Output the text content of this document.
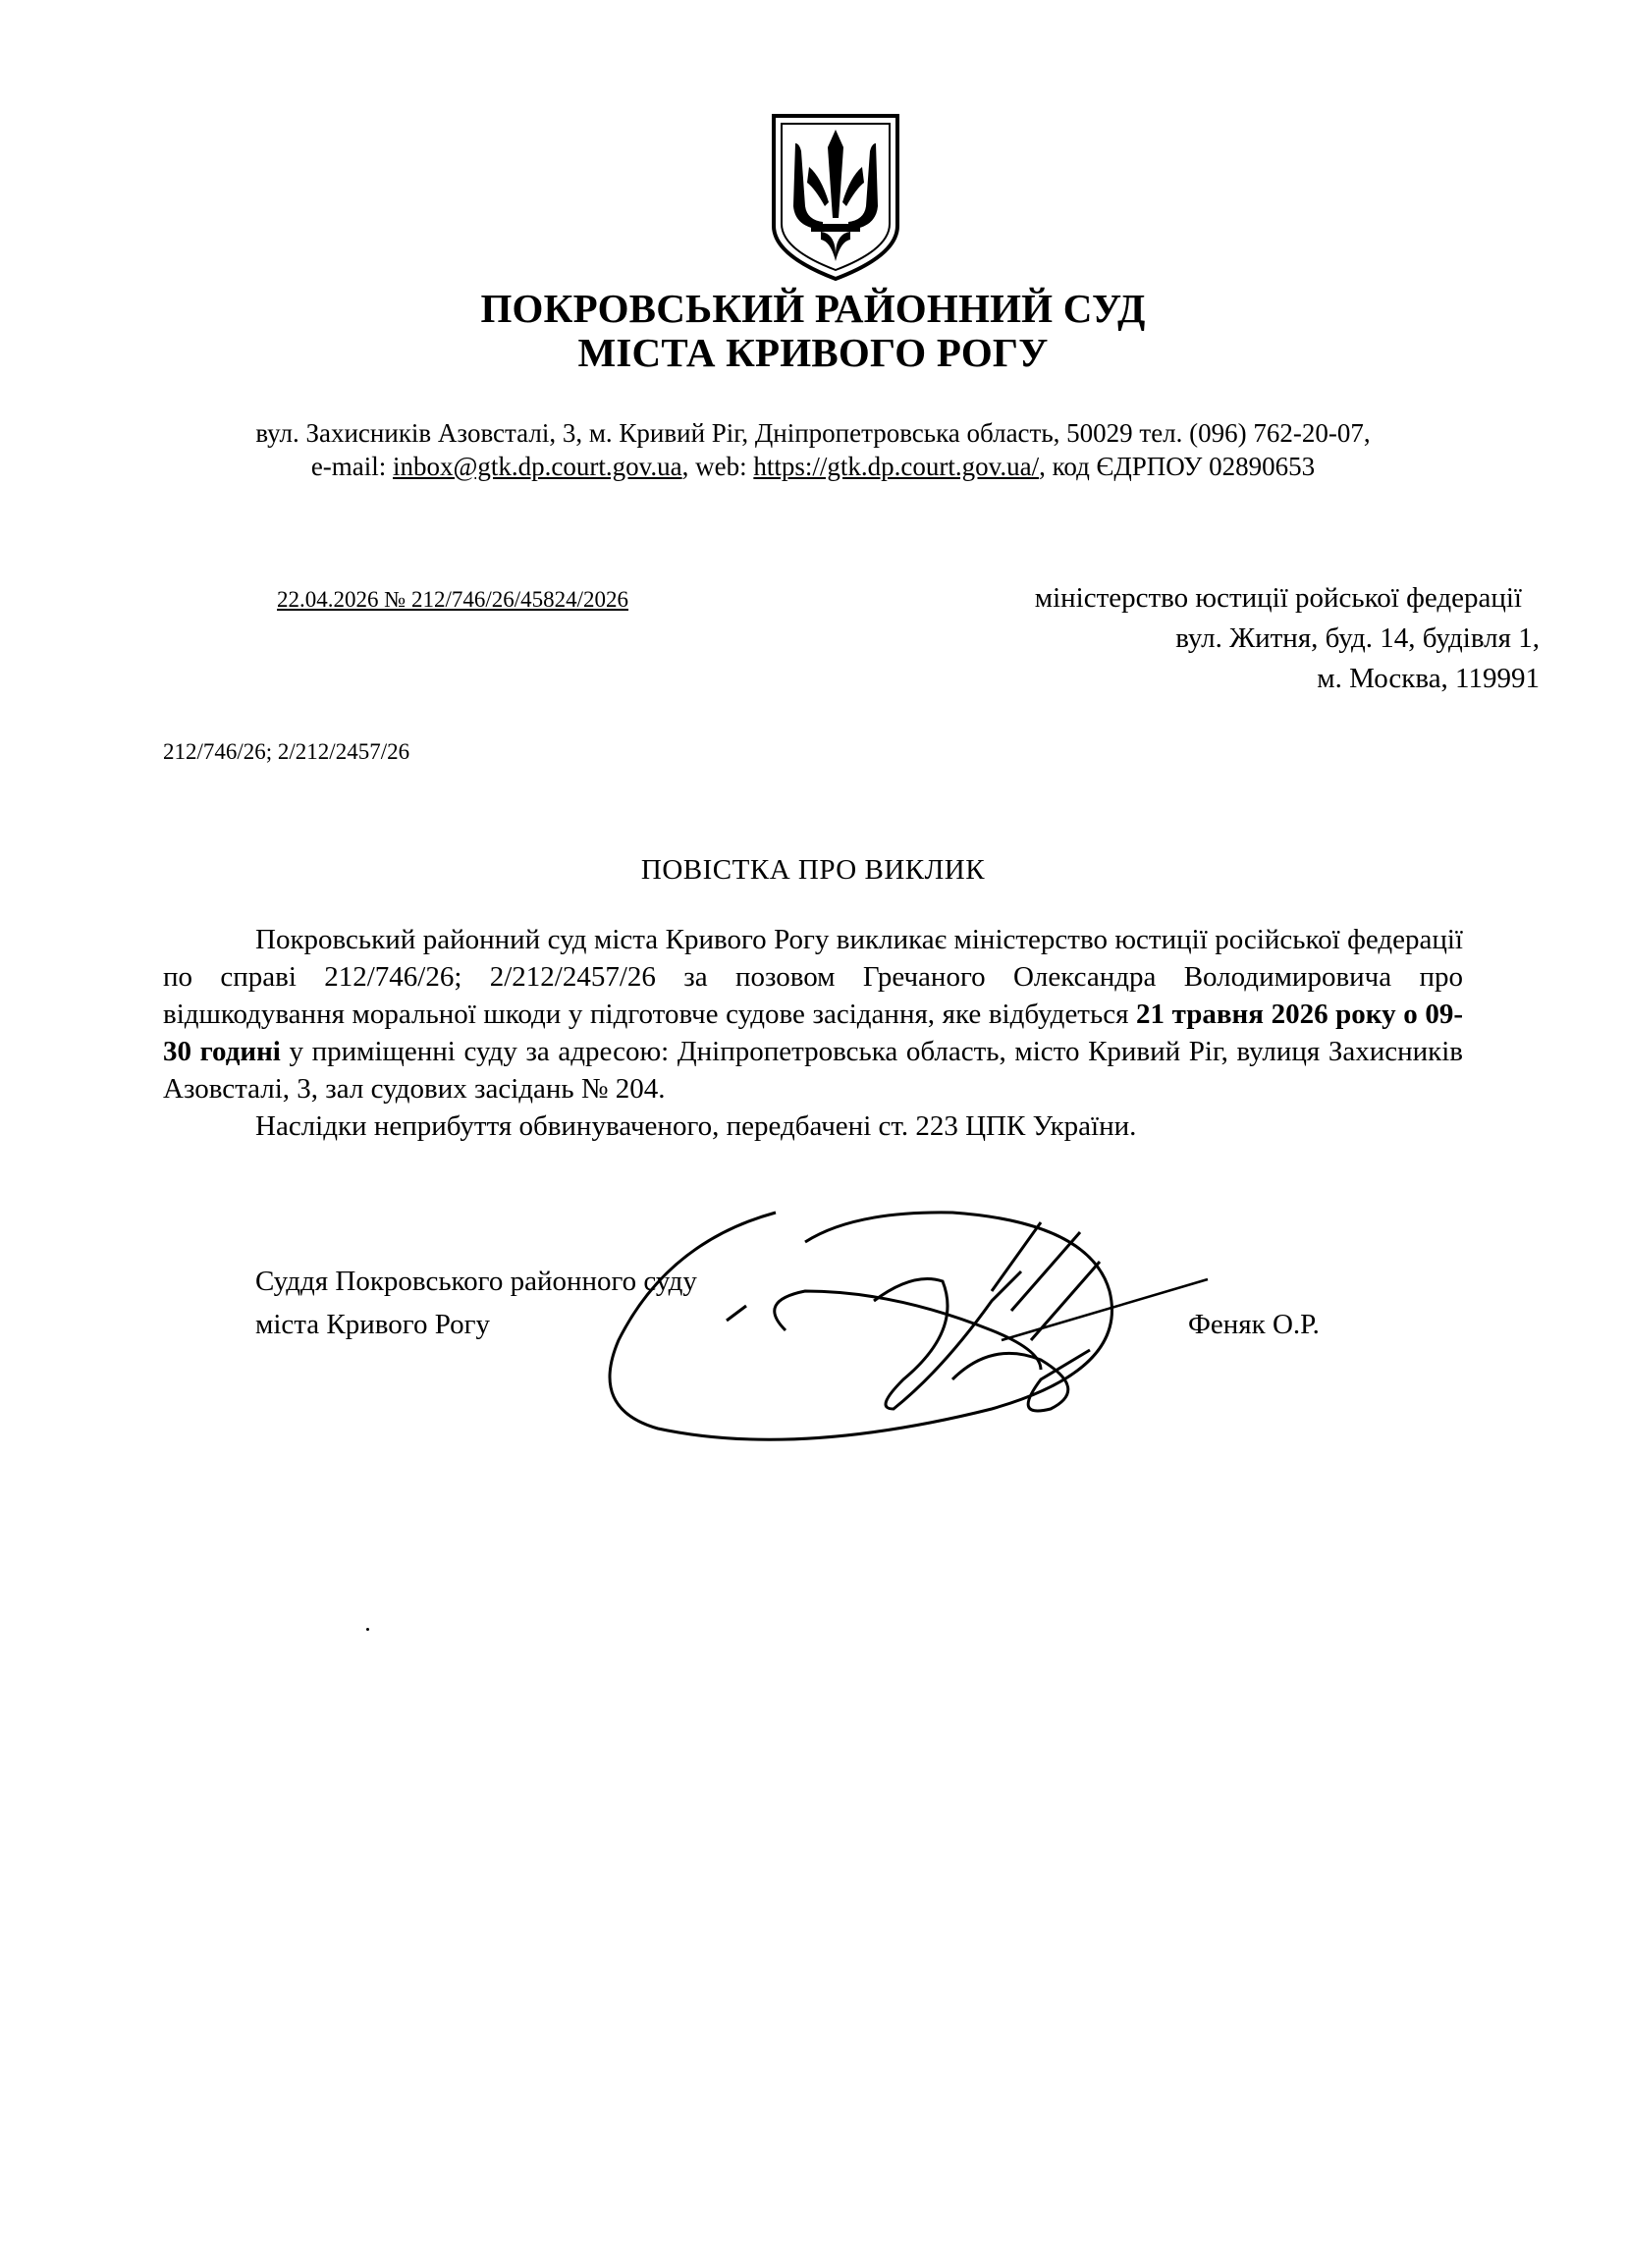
ПОКРОВСЬКИЙ РАЙОННИЙ СУД
МІСТА КРИВОГО РОГУ
вул. Захисників Азовсталі, 3, м. Кривий Ріг, Дніпропетровська область, 50029 тел. (096) 762-20-07,
e-mail: inbox@gtk.dp.court.gov.ua, web: https://gtk.dp.court.gov.ua/, код ЄДРПОУ 02890653
22.04.2026 № 212/746/26/45824/2026	міністерство юстиції ройської федерації
вул. Житня, буд. 14, будівля 1,
м. Москва, 119991
212/746/26; 2/212/2457/26
ПОВІСТКА ПРО ВИКЛИК

Покровський районний суд міста Кривого Рогу викликає міністерство юстиції російської федерації по справі 212/746/26; 2/212/2457/26 за позовом Гречаного Олександра Володимировича про відшкодування моральної шкоди у підготовче судове засідання, яке відбудеться 21 травня 2026 року о 09-30 годині у приміщенні суду за адресою: Дніпропетровська область, місто Кривий Ріг, вулиця Захисників Азовсталі, 3, зал судових засідань № 204.

Наслідки неприбуття обвинуваченого, передбачені ст. 223 ЦПК України.
Суддя Покровського районного суду
міста Кривого Рогу	Феняк О.Р.
